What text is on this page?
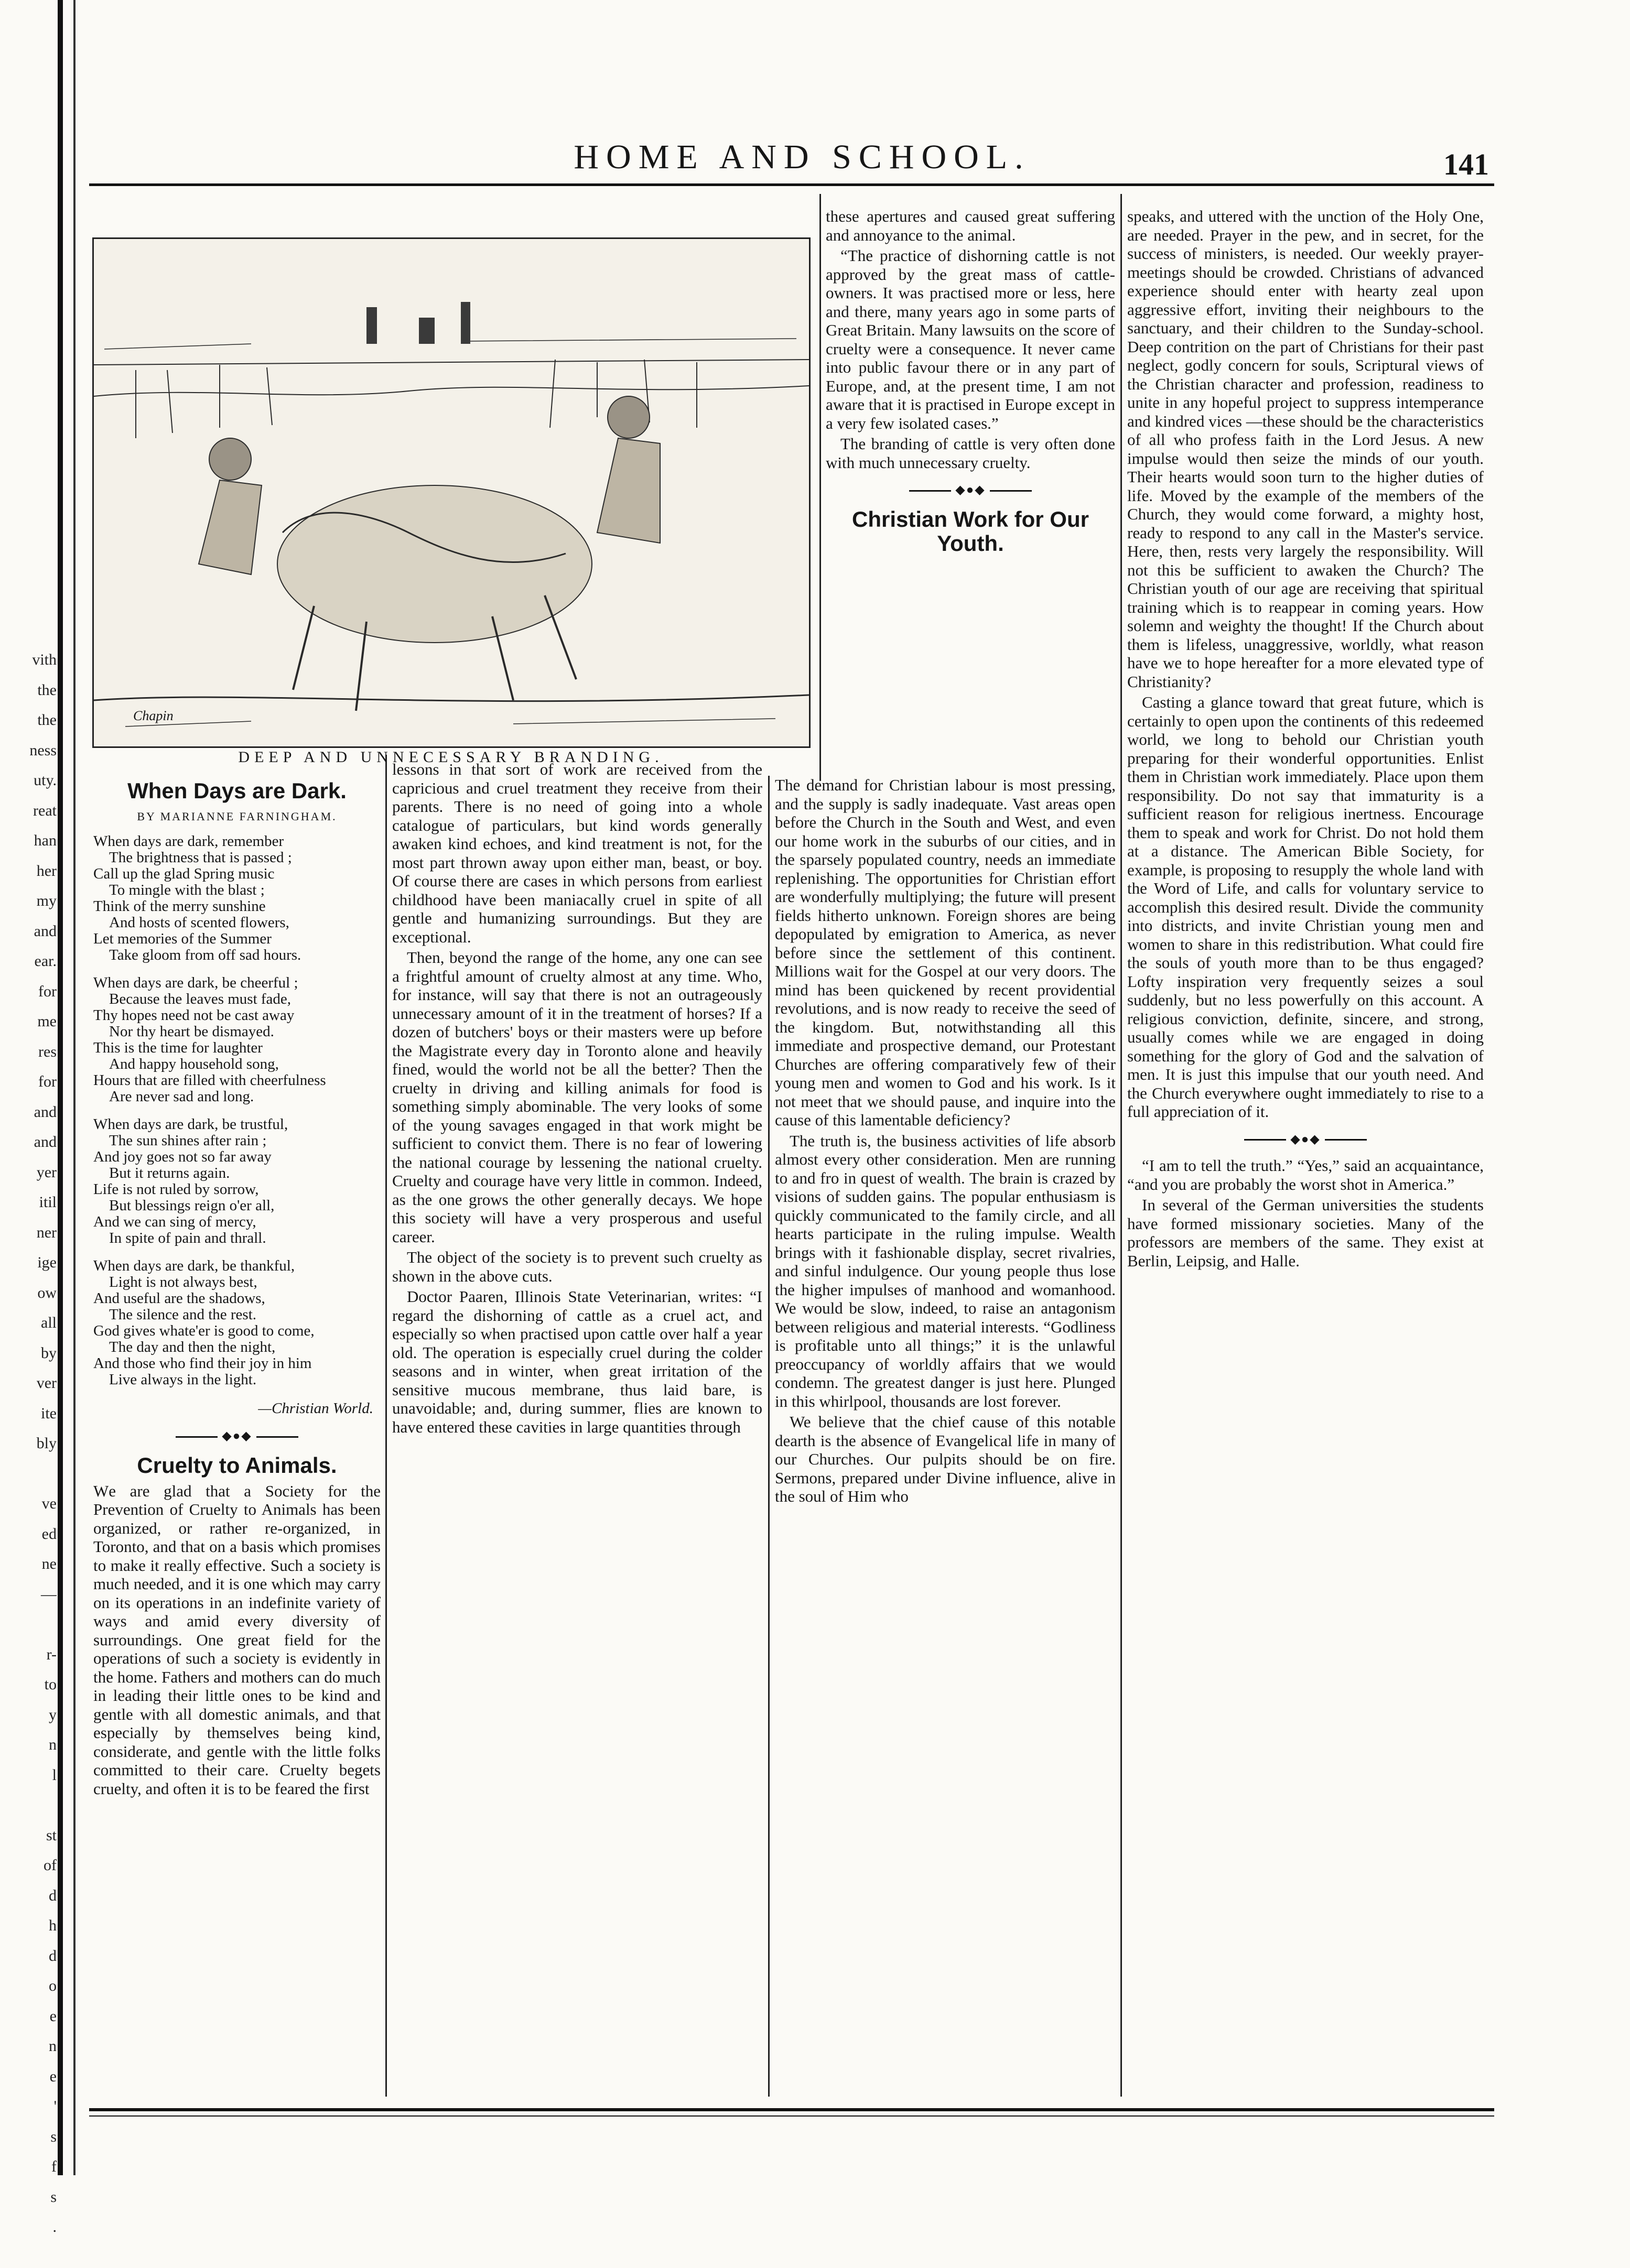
vith
the
the
ness
uty.
reat
han
her
my
and
ear.
for
me
res
for
and
and
yer
itil
ner
ige
ow
all
by
ver
ite
bly

ve
ed
ne
—

r-
to
y
n
l

st
of
d
h
d
o
e
n
e
'
s
f
s
.
HOME AND SCHOOL.	141
Chapin
DEEP AND UNNECESSARY BRANDING.
When Days are Dark.
BY MARIANNE FARNINGHAM.
When days are dark, remember
The brightness that is passed ;
Call up the glad Spring music
To mingle with the blast ;
Think of the merry sunshine
And hosts of scented flowers,
Let memories of the Summer
Take gloom from off sad hours.
When days are dark, be cheerful ;
Because the leaves must fade,
Thy hopes need not be cast away
Nor thy heart be dismayed.
This is the time for laughter
And happy household song,
Hours that are filled with cheerfulness
Are never sad and long.
When days are dark, be trustful,
The sun shines after rain ;
And joy goes not so far away
But it returns again.
Life is not ruled by sorrow,
But blessings reign o'er all,
And we can sing of mercy,
In spite of pain and thrall.
When days are dark, be thankful,
Light is not always best,
And useful are the shadows,
The silence and the rest.
God gives whate'er is good to come,
The day and then the night,
And those who find their joy in him
Live always in the light.
—Christian World.
◆●◆
Cruelty to Animals.

We are glad that a Society for the Prevention of Cruelty to Animals has been organized, or rather re-organized, in Toronto, and that on a basis which promises to make it really effective. Such a society is much needed, and it is one which may carry on its operations in an indefinite variety of ways and amid every diversity of surroundings. One great field for the operations of such a society is evidently in the home. Fathers and mothers can do much in leading their little ones to be kind and gentle with all domestic animals, and that especially by themselves being kind, considerate, and gentle with the little folks committed to their care. Cruelty begets cruelty, and often it is to be feared the first

lessons in that sort of work are received from the capricious and cruel treatment they receive from their parents. There is no need of going into a whole catalogue of particulars, but kind words generally awaken kind echoes, and kind treatment is not, for the most part thrown away upon either man, beast, or boy. Of course there are cases in which persons from earliest childhood have been maniacally cruel in spite of all gentle and humanizing surroundings. But they are exceptional.

Then, beyond the range of the home, any one can see a frightful amount of cruelty almost at any time. Who, for instance, will say that there is not an outrageously unnecessary amount of it in the treatment of horses? If a dozen of butchers' boys or their masters were up before the Magistrate every day in Toronto alone and heavily fined, would the world not be all the better? Then the cruelty in driving and killing animals for food is something simply abominable. The very looks of some of the young savages engaged in that work might be sufficient to convict them. There is no fear of lowering the national courage by lessening the national cruelty. Cruelty and courage have very little in common. Indeed, as the one grows the other generally decays. We hope this society will have a very prosperous and useful career.

The object of the society is to prevent such cruelty as shown in the above cuts.

Doctor Paaren, Illinois State Veterinarian, writes: “I regard the dishorning of cattle as a cruel act, and especially so when practised upon cattle over half a year old. The operation is especially cruel during the colder seasons and in winter, when great irritation of the sensitive mucous membrane, thus laid bare, is unavoidable; and, during summer, flies are known to have entered these cavities in large quantities through

these apertures and caused great suffering and annoyance to the animal.

“The practice of dishorning cattle is not approved by the great mass of cattle-owners. It was practised more or less, here and there, many years ago in some parts of Great Britain. Many lawsuits on the score of cruelty were a consequence. It never came into public favour there or in any part of Europe, and, at the present time, I am not aware that it is practised in Europe except in a very few isolated cases.”

The branding of cattle is very often done with much unnecessary cruelty.

◆●◆
Christian Work for Our Youth.

The demand for Christian labour is most pressing, and the supply is sadly inadequate. Vast areas open before the Church in the South and West, and even our home work in the suburbs of our cities, and in the sparsely populated country, needs an immediate replenishing. The opportunities for Christian effort are wonderfully multiplying; the future will present fields hitherto unknown. Foreign shores are being depopulated by emigration to America, as never before since the settlement of this continent. Millions wait for the Gospel at our very doors. The mind has been quickened by recent providential revolutions, and is now ready to receive the seed of the kingdom. But, notwithstanding all this immediate and prospective demand, our Protestant Churches are offering comparatively few of their young men and women to God and his work. Is it not meet that we should pause, and inquire into the cause of this lamentable deficiency?

The truth is, the business activities of life absorb almost every other consideration. Men are running to and fro in quest of wealth. The brain is crazed by visions of sudden gains. The popular enthusiasm is quickly communicated to the family circle, and all hearts participate in the ruling impulse. Wealth brings with it fashionable display, secret rivalries, and sinful indulgence. Our young people thus lose the higher impulses of manhood and womanhood. We would be slow, indeed, to raise an antagonism between religious and material interests. “Godliness is profitable unto all things;” it is the unlawful preoccupancy of worldly affairs that we would condemn. The greatest danger is just here. Plunged in this whirlpool, thousands are lost forever.

We believe that the chief cause of this notable dearth is the absence of Evangelical life in many of our Churches. Our pulpits should be on fire. Sermons, prepared under Divine influence, alive in the soul of Him who

speaks, and uttered with the unction of the Holy One, are needed. Prayer in the pew, and in secret, for the success of ministers, is needed. Our weekly prayer-meetings should be crowded. Christians of advanced experience should enter with hearty zeal upon aggressive effort, inviting their neighbours to the sanctuary, and their children to the Sunday-school. Deep contrition on the part of Christians for their past neglect, godly concern for souls, Scriptural views of the Christian character and profession, readiness to unite in any hopeful project to suppress intemperance and kindred vices —these should be the characteristics of all who profess faith in the Lord Jesus. A new impulse would then seize the minds of our youth. Their hearts would soon turn to the higher duties of life. Moved by the example of the members of the Church, they would come forward, a mighty host, ready to respond to any call in the Master's service. Here, then, rests very largely the responsibility. Will not this be sufficient to awaken the Church? The Christian youth of our age are receiving that spiritual training which is to reappear in coming years. How solemn and weighty the thought! If the Church about them is lifeless, unaggressive, worldly, what reason have we to hope hereafter for a more elevated type of Christianity?

Casting a glance toward that great future, which is certainly to open upon the continents of this redeemed world, we long to behold our Christian youth preparing for their wonderful opportunities. Enlist them in Christian work immediately. Place upon them responsibility. Do not say that immaturity is a sufficient reason for religious inertness. Encourage them to speak and work for Christ. Do not hold them at a distance. The American Bible Society, for example, is proposing to resupply the whole land with the Word of Life, and calls for voluntary service to accomplish this desired result. Divide the community into districts, and invite Christian young men and women to share in this redistribution. What could fire the souls of youth more than to be thus engaged? Lofty inspiration very frequently seizes a soul suddenly, but no less powerfully on this account. A religious conviction, definite, sincere, and strong, usually comes while we are engaged in doing something for the glory of God and the salvation of men. It is just this impulse that our youth need. And the Church everywhere ought immediately to rise to a full appreciation of it.

◆●◆

“I am to tell the truth.” “Yes,” said an acquaintance, “and you are probably the worst shot in America.”

In several of the German universities the students have formed missionary societies. Many of the professors are members of the same. They exist at Berlin, Leipsig, and Halle.
